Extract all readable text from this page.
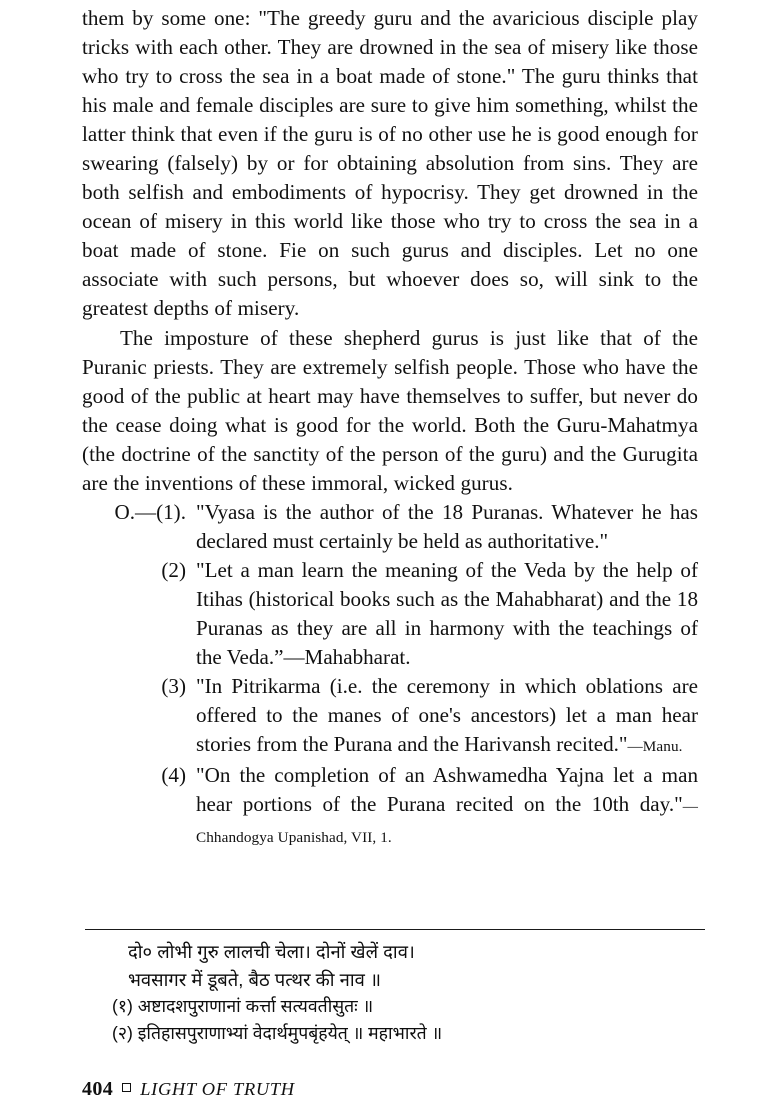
them by some one: "The greedy guru and the avaricious disciple play tricks with each other. They are drowned in the sea of misery like those who try to cross the sea in a boat made of stone." The guru thinks that his male and female disciples are sure to give him something, whilst the latter think that even if the guru is of no other use he is good enough for swearing (falsely) by or for obtaining absolution from sins. They are both selfish and embodiments of hypocrisy. They get drowned in the ocean of misery in this world like those who try to cross the sea in a boat made of stone. Fie on such gurus and disciples. Let no one associate with such persons, but whoever does so, will sink to the greatest depths of misery.

The imposture of these shepherd gurus is just like that of the Puranic priests. They are extremely selfish people. Those who have the good of the public at heart may have themselves to suffer, but never do the cease doing what is good for the world. Both the Guru-Mahatmya (the doctrine of the sanctity of the person of the guru) and the Gurugita are the inventions of these immoral, wicked gurus.

O.—(1). "Vyasa is the author of the 18 Puranas. Whatever he has declared must certainly be held as authoritative."
(2) "Let a man learn the meaning of the Veda by the help of Itihas (historical books such as the Mahabharat) and the 18 Puranas as they are all in harmony with the teachings of the Veda.”—Mahabharat.
(3) "In Pitrikarma (i.e. the ceremony in which oblations are offered to the manes of one's ancestors) let a man hear stories from the Purana and the Harivansh recited."—Manu.
(4) "On the completion of an Ashwamedha Yajna let a man hear portions of the Purana recited on the 10th day."—Chhandogya Upanishad, VII, 1.
दो० लोभी गुरु लालची चेला। दोनों खेलें दाव।
भवसागर में डूबते, बैठ पत्थर की नाव ॥
(१) अष्टादशपुराणानां कर्त्ता सत्यवतीसुतः ॥
(२) इतिहासपुराणाभ्यां वेदार्थमुपबृंहयेत् ॥ महाभारते ॥
404 LIGHT OF TRUTH
